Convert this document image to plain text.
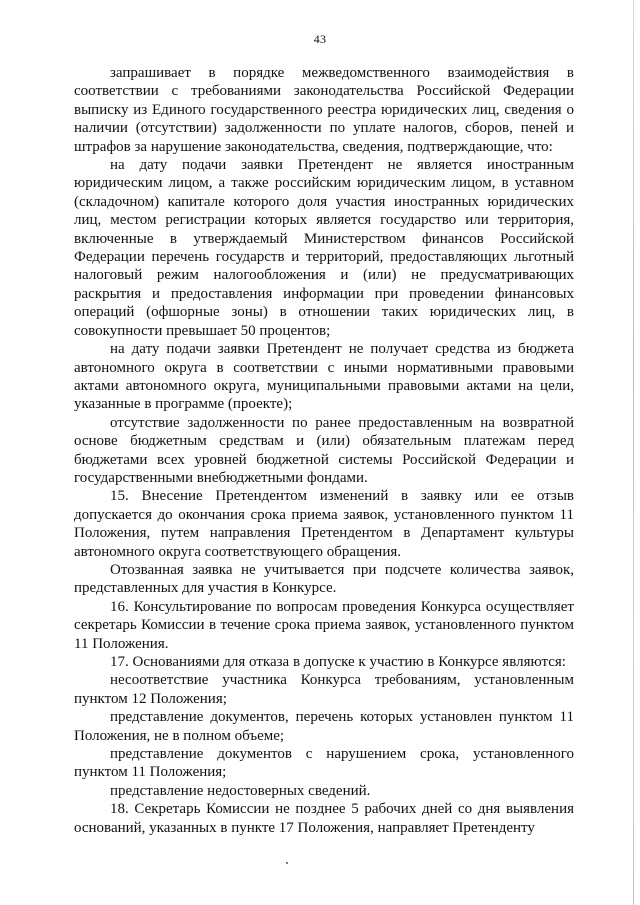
43

запрашивает в порядке межведомственного взаимодействия в соответствии с требованиями законодательства Российской Федерации выписку из Единого государственного реестра юридических лиц, сведения о наличии (отсутствии) задолженности по уплате налогов, сборов, пеней и штрафов за нарушение законодательства, сведения, подтверждающие, что:

на дату подачи заявки Претендент не является иностранным юридическим лицом, а также российским юридическим лицом, в уставном (складочном) капитале которого доля участия иностранных юридических лиц, местом регистрации которых является государство или территория, включенные в утверждаемый Министерством финансов Российской Федерации перечень государств и территорий, предоставляющих льготный налоговый режим налогообложения и (или) не предусматривающих раскрытия и предоставления информации при проведении финансовых операций (офшорные зоны) в отношении таких юридических лиц, в совокупности превышает 50 процентов;

на дату подачи заявки Претендент не получает средства из бюджета автономного округа в соответствии с иными нормативными правовыми актами автономного округа, муниципальными правовыми актами на цели, указанные в программе (проекте);

отсутствие задолженности по ранее предоставленным на возвратной основе бюджетным средствам и (или) обязательным платежам перед бюджетами всех уровней бюджетной системы Российской Федерации и государственными внебюджетными фондами.

15. Внесение Претендентом изменений в заявку или ее отзыв допускается до окончания срока приема заявок, установленного пунктом 11 Положения, путем направления Претендентом в Департамент культуры автономного округа соответствующего обращения.

Отозванная заявка не учитывается при подсчете количества заявок, представленных для участия в Конкурсе.

16. Консультирование по вопросам проведения Конкурса осуществляет секретарь Комиссии в течение срока приема заявок, установленного пунктом 11 Положения.

17. Основаниями для отказа в допуске к участию в Конкурсе являются:

несоответствие участника Конкурса требованиям, установленным пунктом 12 Положения;

представление документов, перечень которых установлен пунктом 11 Положения, не в полном объеме;

представление документов с нарушением срока, установленного пунктом 11 Положения;

представление недостоверных сведений.

18. Секретарь Комиссии не позднее 5 рабочих дней со дня выявления оснований, указанных в пункте 17 Положения, направляет Претенденту
